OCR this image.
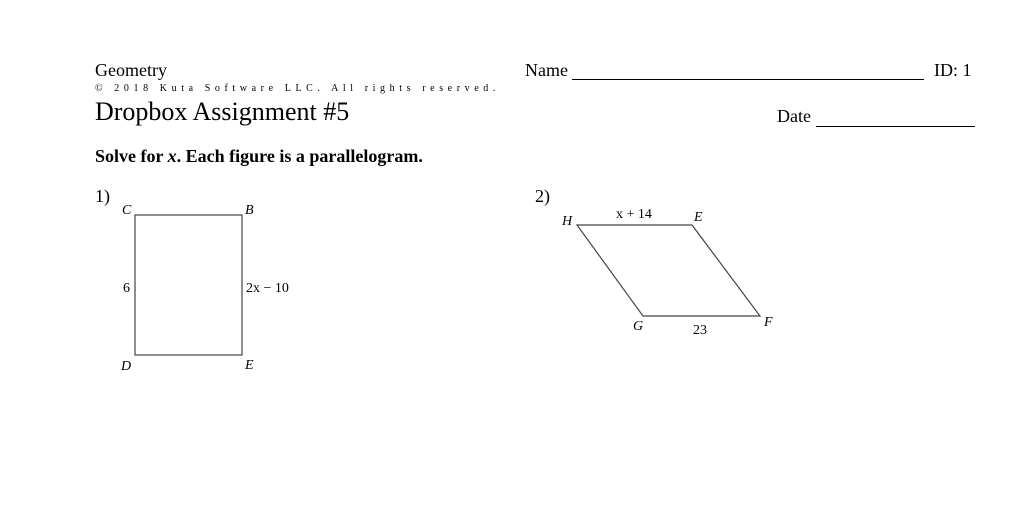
Geometry	Name	ID: 1
© 2018 Kuta Software LLC. All rights reserved.
Dropbox Assignment #5	Date
Solve for x. Each figure is a parallelogram.
1)
C	B
D	E
6	2x − 10
2)
H	E
G	F
x + 14
23
